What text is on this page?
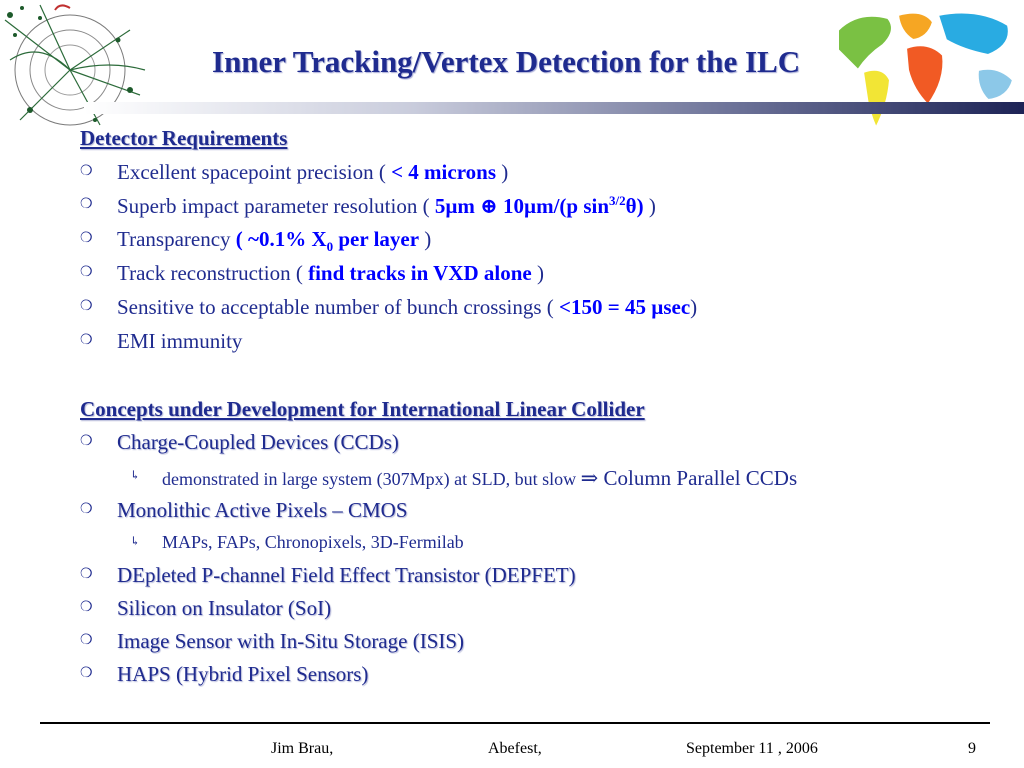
Inner Tracking/Vertex Detection for the ILC
Detector Requirements
❍ Excellent spacepoint precision ( < 4 microns )
❍ Superb impact parameter resolution ( 5µm ⊕ 10µm/(p $\sin^{3/2}\theta$) )
❍ Transparency ( ~0.1% $X_0$ per layer )
❍ Track reconstruction ( find tracks in VXD alone )
❍ Sensitive to acceptable number of bunch crossings ( <150 = 45 µsec)
❍ EMI immunity
Concepts under Development for International Linear Collider
❍ Charge-Coupled Devices (CCDs)
↳ demonstrated in large system (307Mpx) at SLD, but slow ⇒ Column Parallel CCDs
❍ Monolithic Active Pixels – CMOS
↳ MAPs, FAPs, Chronopixels, 3D-Fermilab
❍ DEpleted P-channel Field Effect Transistor (DEPFET)
❍ Silicon on Insulator (SoI)
❍ Image Sensor with In-Situ Storage (ISIS)
❍ HAPS (Hybrid Pixel Sensors)
Jim Brau,	Abefest,	September 11 , 2006	9
